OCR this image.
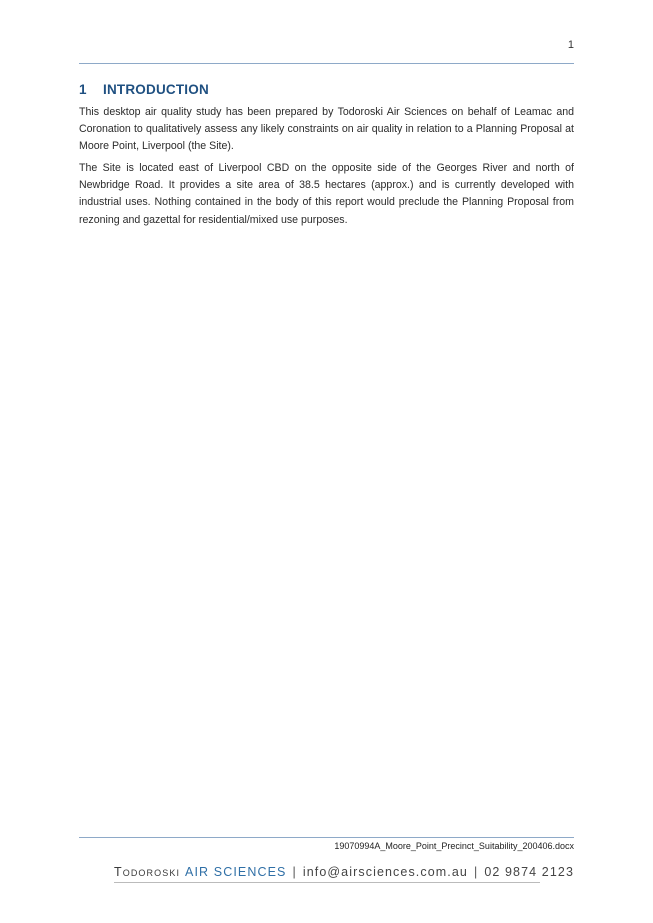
1
1	INTRODUCTION

This desktop air quality study has been prepared by Todoroski Air Sciences on behalf of Leamac and Coronation to qualitatively assess any likely constraints on air quality in relation to a Planning Proposal at Moore Point, Liverpool (the Site).

The Site is located east of Liverpool CBD on the opposite side of the Georges River and north of Newbridge Road. It provides a site area of 38.5 hectares (approx.) and is currently developed with industrial uses. Nothing contained in the body of this report would preclude the Planning Proposal from rezoning and gazettal for residential/mixed use purposes.

19070994A_Moore_Point_Precinct_Suitability_200406.docx
Todoroski AIR SCIENCES | info@airsciences.com.au | 02 9874 2123
